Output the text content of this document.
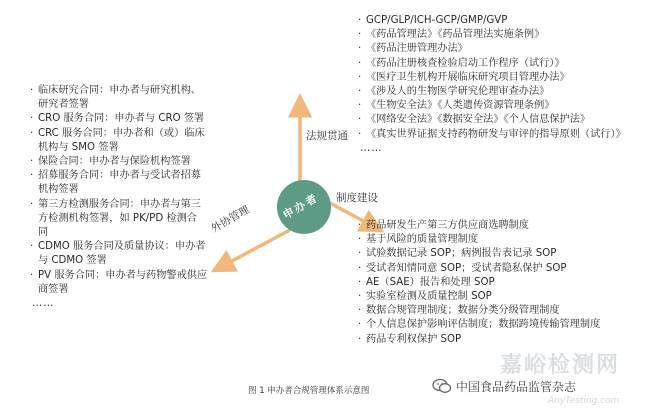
申办者
法规贯通
制度建设
外协管理
· GCP/GLP/ICH-GCP/GMP/GVP
· 《药品管理法》《药品管理法实施条例》
· 《药品注册管理办法》
· 《药品注册核查检验启动工作程序（试行）》
· 《医疗卫生机构开展临床研究项目管理办法》
· 《涉及人的生物医学研究伦理审查办法》
· 《生物安全法》《人类遗传资源管理条例》
· 《网络安全法》《数据安全法》《个人信息保护法》
· 《真实世界证据支持药物研发与审评的指导原则（试行）》
……
· 临床研究合同：申办者与研究机构、
研究者签署
· CRO 服务合同：申办者与 CRO 签署
· CRC 服务合同：申办者和（或）临床
机构与 SMO 签署
· 保险合同：申办者与保险机构签署
· 招募服务合同：申办者与受试者招募
机构签署
· 第三方检测服务合同：申办者与第三
方检测机构签署，如 PK/PD 检测合
同
· CDMO 服务合同及质量协议：申办者
与 CDMO 签署
· PV 服务合同：申办者与药物警戒供应
商签署
……
· 药品研发生产第三方供应商选聘制度
· 基于风险的质量管理制度
· 试验数据记录 SOP；病例报告表记录 SOP
· 受试者知情同意 SOP；受试者隐私保护 SOP
· AE（SAE）报告和处理 SOP
· 实验室检测及质量控制 SOP
· 数据合规管理制度；数据分类分级管理制度
· 个人信息保护影响评估制度；数据跨境传输管理制度
· 药品专利权保护 SOP
嘉峪检测网
AnyTesting.com
图 1 申办者合规管理体系示意图	中国食品药品监管杂志
